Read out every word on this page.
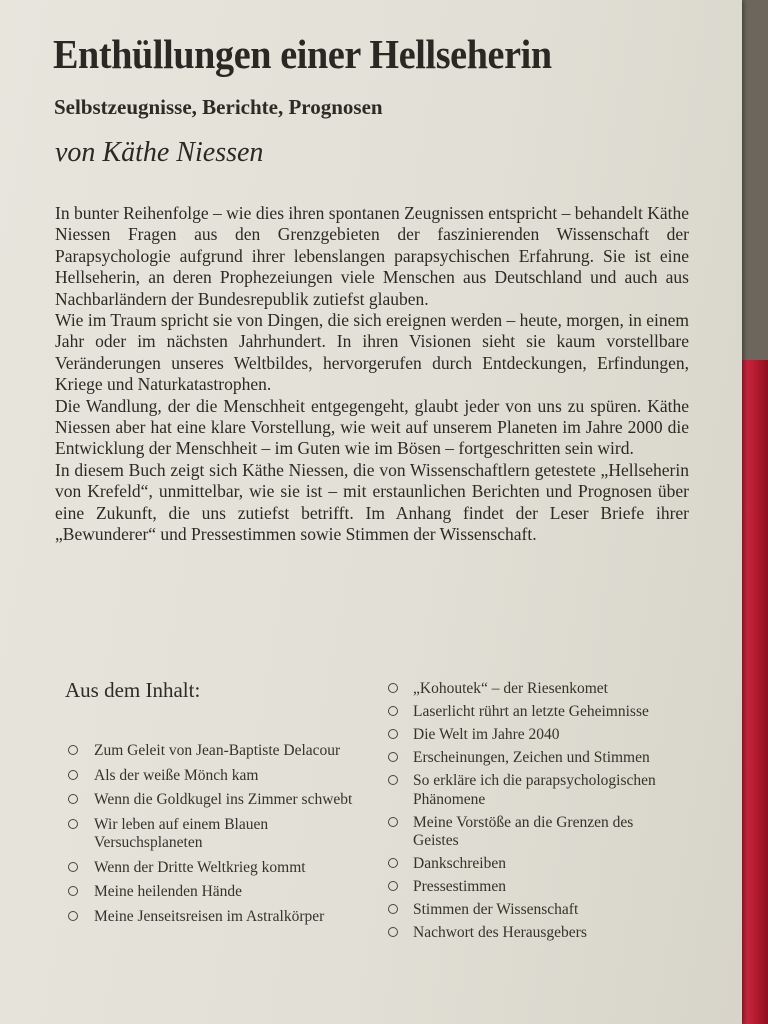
Enthüllungen einer Hellseherin
Selbstzeugnisse, Berichte, Prognosen
von Käthe Niessen

In bunter Reihenfolge – wie dies ihren spontanen Zeugnissen entspricht – behandelt Käthe Niessen Fragen aus den Grenzgebieten der faszinierenden Wissenschaft der Parapsychologie aufgrund ihrer lebenslangen parapsychischen Erfahrung. Sie ist eine Hellseherin, an deren Prophezeiungen viele Menschen aus Deutschland und auch aus Nachbarländern der Bundesrepublik zutiefst glauben.

Wie im Traum spricht sie von Dingen, die sich ereignen werden – heute, morgen, in einem Jahr oder im nächsten Jahrhundert. In ihren Visionen sieht sie kaum vorstellbare Veränderungen unseres Weltbildes, hervorgerufen durch Entdeckungen, Erfindungen, Kriege und Naturkatastrophen.

Die Wandlung, der die Menschheit entgegengeht, glaubt jeder von uns zu spüren. Käthe Niessen aber hat eine klare Vorstellung, wie weit auf unserem Planeten im Jahre 2000 die Entwicklung der Menschheit – im Guten wie im Bösen – fortgeschritten sein wird.

In diesem Buch zeigt sich Käthe Niessen, die von Wissenschaftlern getestete „Hellseherin von Krefeld“, unmittelbar, wie sie ist – mit erstaunlichen Berichten und Prognosen über eine Zukunft, die uns zutiefst betrifft. Im Anhang findet der Leser Briefe ihrer „Bewunderer“ und Pressestimmen sowie Stimmen der Wissenschaft.

Aus dem Inhalt:
Zum Geleit von Jean-Baptiste Delacour
Als der weiße Mönch kam
Wenn die Goldkugel ins Zimmer schwebt
Wir leben auf einem Blauen Versuchsplaneten
Wenn der Dritte Weltkrieg kommt
Meine heilenden Hände
Meine Jenseitsreisen im Astralkörper
„Kohoutek“ – der Riesenkomet
Laserlicht rührt an letzte Geheimnisse
Die Welt im Jahre 2040
Erscheinungen, Zeichen und Stimmen
So erkläre ich die parapsychologischen Phänomene
Meine Vorstöße an die Grenzen des Geistes
Dankschreiben
Pressestimmen
Stimmen der Wissenschaft
Nachwort des Herausgebers
